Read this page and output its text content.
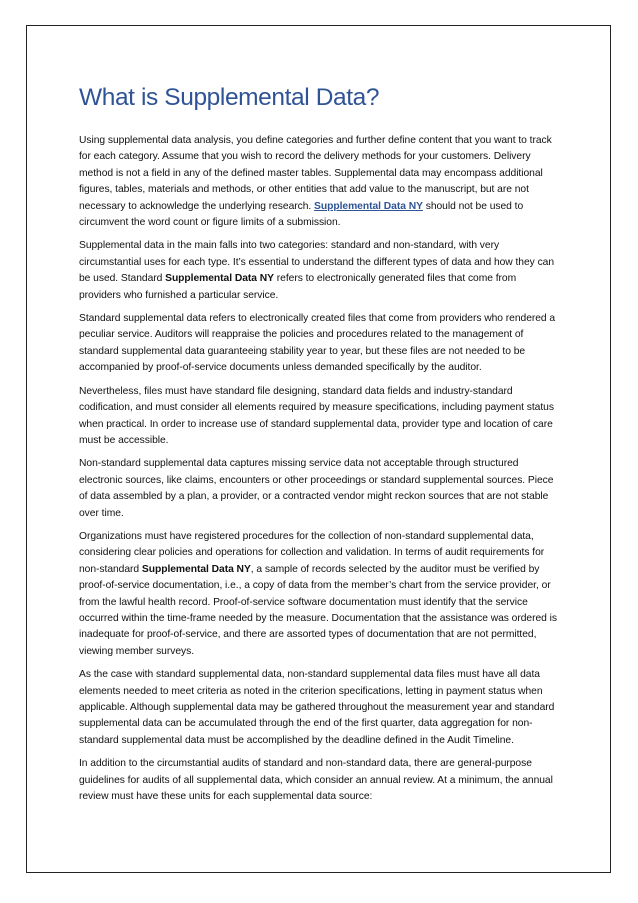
What is Supplemental Data?

Using supplemental data analysis, you define categories and further define content that you want to track for each category. Assume that you wish to record the delivery methods for your customers. Delivery method is not a field in any of the defined master tables. Supplemental data may encompass additional figures, tables, materials and methods, or other entities that add value to the manuscript, but are not necessary to acknowledge the underlying research. Supplemental Data NY should not be used to circumvent the word count or figure limits of a submission.

Supplemental data in the main falls into two categories: standard and non-standard, with very circumstantial uses for each type. It’s essential to understand the different types of data and how they can be used. Standard Supplemental Data NY refers to electronically generated files that come from providers who furnished a particular service.

Standard supplemental data refers to electronically created files that come from providers who rendered a peculiar service. Auditors will reappraise the policies and procedures related to the management of standard supplemental data guaranteeing stability year to year, but these files are not needed to be accompanied by proof-of-service documents unless demanded specifically by the auditor.

Nevertheless, files must have standard file designing, standard data fields and industry-standard codification, and must consider all elements required by measure specifications, including payment status when practical. In order to increase use of standard supplemental data, provider type and location of care must be accessible.

Non-standard supplemental data captures missing service data not acceptable through structured electronic sources, like claims, encounters or other proceedings or standard supplemental sources. Piece of data assembled by a plan, a provider, or a contracted vendor might reckon sources that are not stable over time.

Organizations must have registered procedures for the collection of non-standard supplemental data, considering clear policies and operations for collection and validation. In terms of audit requirements for non-standard Supplemental Data NY, a sample of records selected by the auditor must be verified by proof-of-service documentation, i.e., a copy of data from the member’s chart from the service provider, or from the lawful health record. Proof-of-service software documentation must identify that the service occurred within the time-frame needed by the measure. Documentation that the assistance was ordered is inadequate for proof-of-service, and there are assorted types of documentation that are not permitted, viewing member surveys.

As the case with standard supplemental data, non-standard supplemental data files must have all data elements needed to meet criteria as noted in the criterion specifications, letting in payment status when applicable. Although supplemental data may be gathered throughout the measurement year and standard supplemental data can be accumulated through the end of the first quarter, data aggregation for non-standard supplemental data must be accomplished by the deadline defined in the Audit Timeline.

In addition to the circumstantial audits of standard and non-standard data, there are general-purpose guidelines for audits of all supplemental data, which consider an annual review. At a minimum, the annual review must have these units for each supplemental data source:
